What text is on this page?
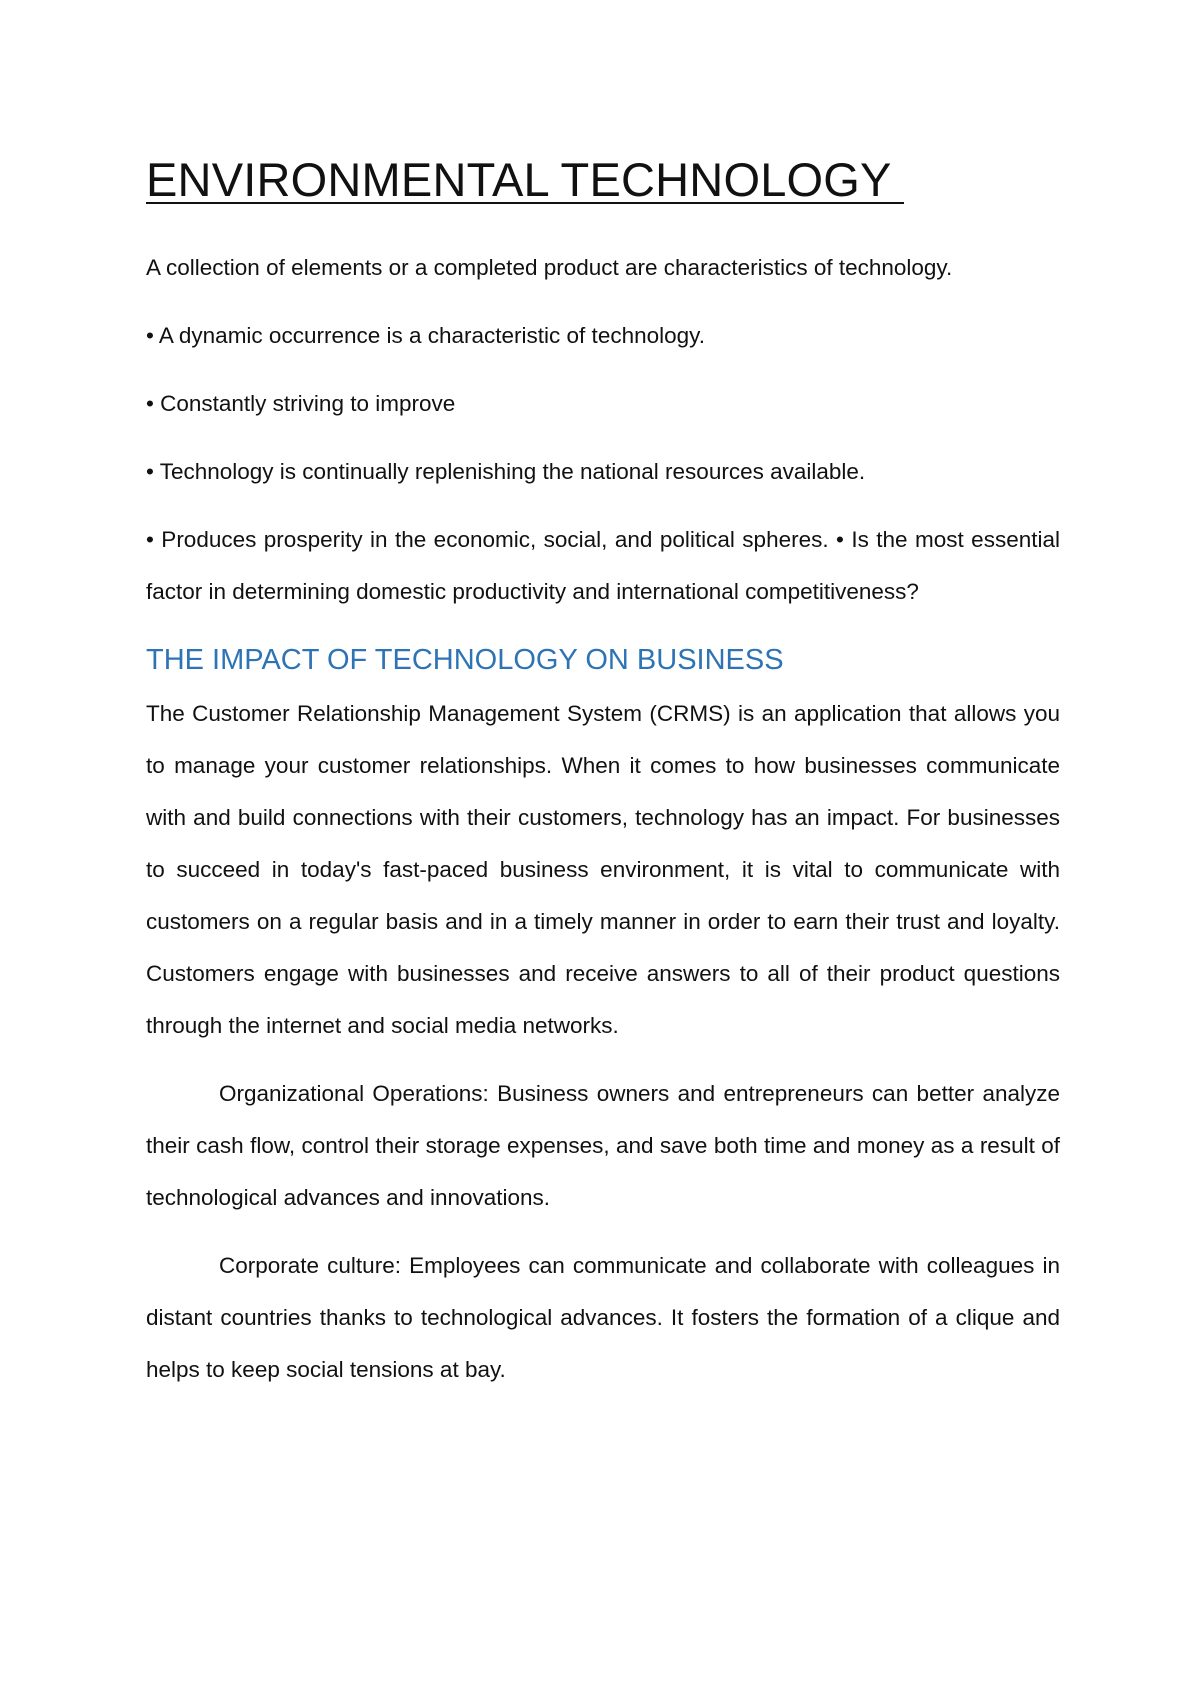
ENVIRONMENTAL TECHNOLOGY

A collection of elements or a completed product are characteristics of technology.

• A dynamic occurrence is a characteristic of technology.

• Constantly striving to improve

• Technology is continually replenishing the national resources available.

• Produces prosperity in the economic, social, and political spheres. • Is the most essential factor in determining domestic productivity and international competitiveness?

THE IMPACT OF TECHNOLOGY ON BUSINESS

The Customer Relationship Management System (CRMS) is an application that allows you to manage your customer relationships. When it comes to how businesses communicate with and build connections with their customers, technology has an impact. For businesses to succeed in today's fast-paced business environment, it is vital to communicate with customers on a regular basis and in a timely manner in order to earn their trust and loyalty. Customers engage with businesses and receive answers to all of their product questions through the internet and social media networks.

Organizational Operations: Business owners and entrepreneurs can better analyze their cash flow, control their storage expenses, and save both time and money as a result of technological advances and innovations.

Corporate culture: Employees can communicate and collaborate with colleagues in distant countries thanks to technological advances. It fosters the formation of a clique and helps to keep social tensions at bay.
